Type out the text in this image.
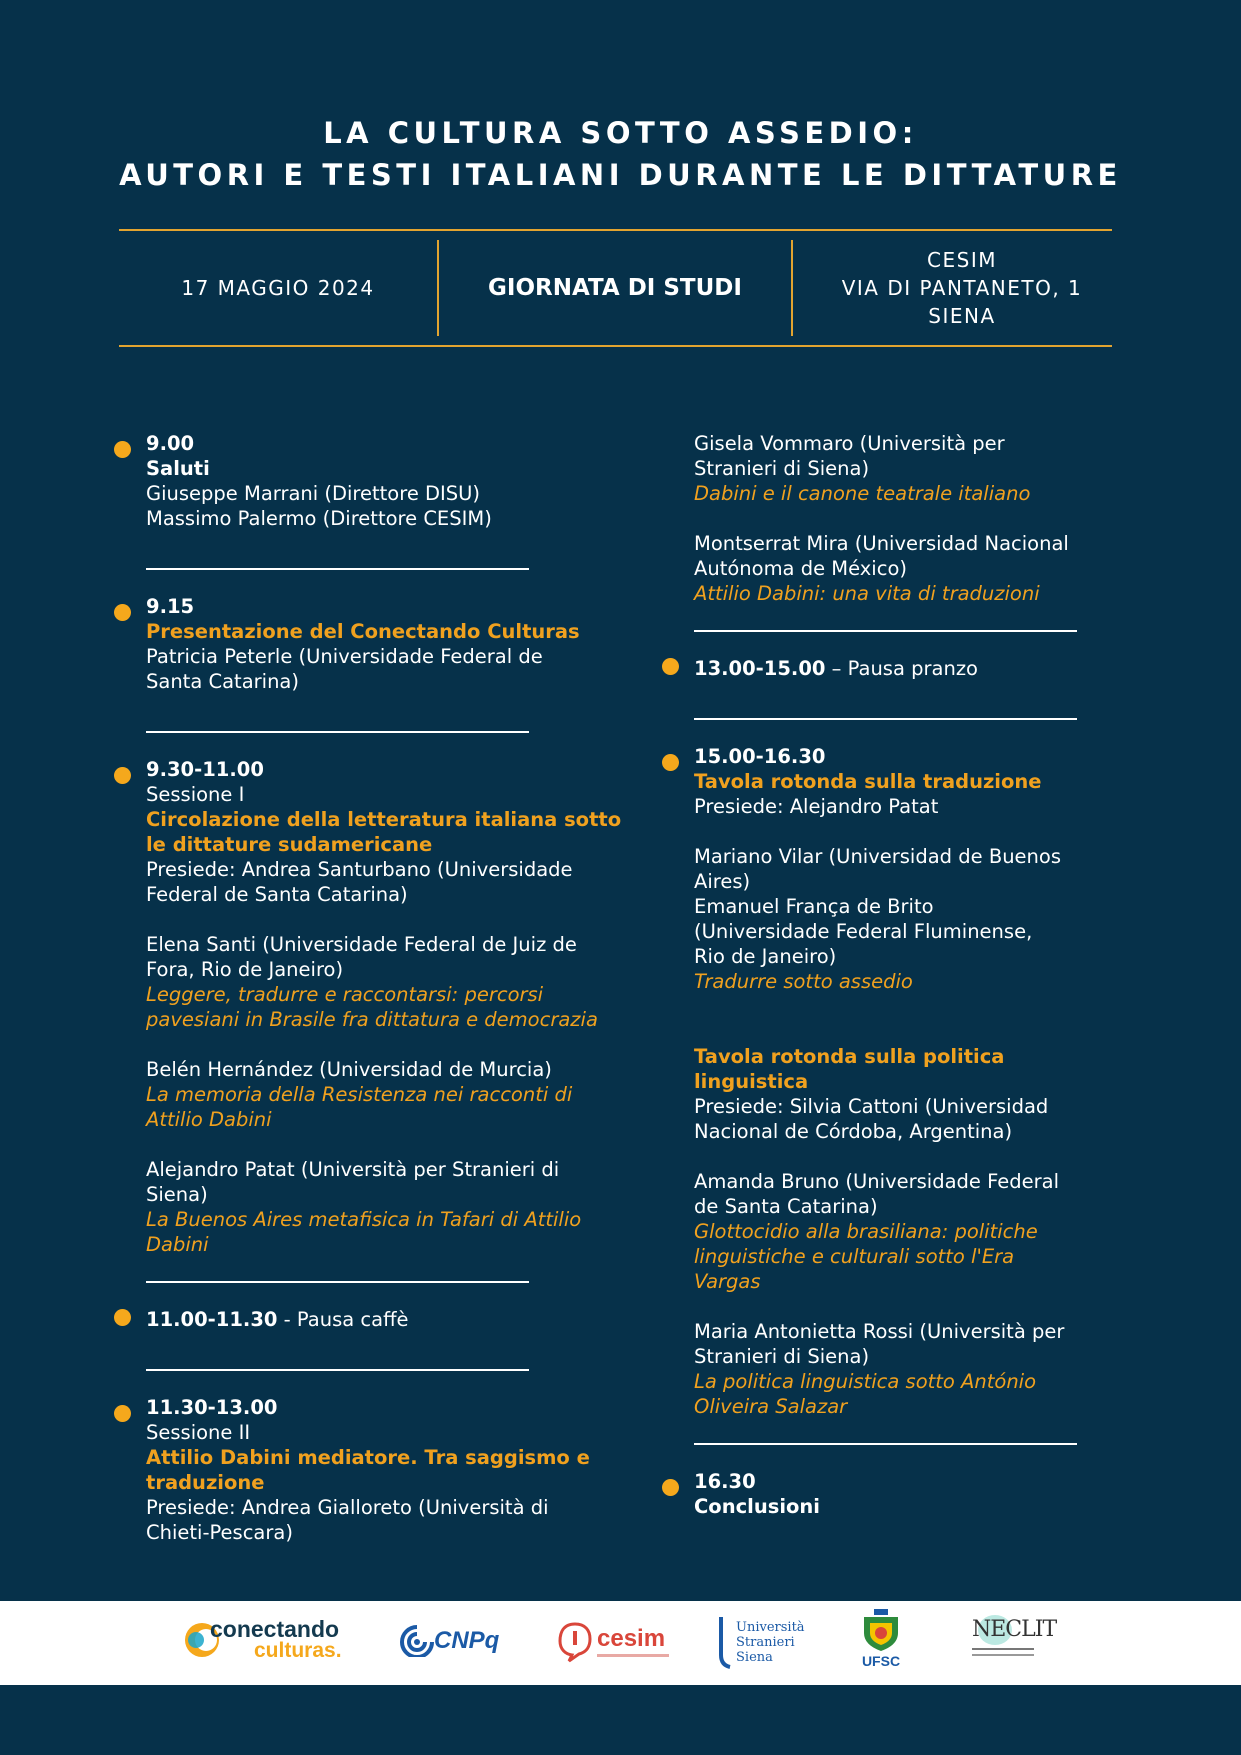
LA CULTURA SOTTO ASSEDIO:
AUTORI E TESTI ITALIANI DURANTE LE DITTATURE
17 MAGGIO 2024	GIORNATA DI STUDI
CESIM
VIA DI PANTANETO, 1
SIENA
9.00
Saluti
Giuseppe Marrani (Direttore DISU)
Massimo Palermo (Direttore CESIM)
9.15
Presentazione del Conectando Culturas
Patricia Peterle (Universidade Federal de
Santa Catarina)
9.30-11.00
Sessione I
Circolazione della letteratura italiana sotto
le dittature sudamericane
Presiede: Andrea Santurbano (Universidade
Federal de Santa Catarina)
Elena Santi (Universidade Federal de Juiz de
Fora, Rio de Janeiro)
Leggere, tradurre e raccontarsi: percorsi
pavesiani in Brasile fra dittatura e democrazia
Belén Hernández (Universidad de Murcia)
La memoria della Resistenza nei racconti di
Attilio Dabini
Alejandro Patat (Università per Stranieri di
Siena)
La Buenos Aires metafisica in Tafari di Attilio
Dabini
11.00-11.30 - Pausa caffè
11.30-13.00
Sessione II
Attilio Dabini mediatore. Tra saggismo e
traduzione
Presiede: Andrea Gialloreto (Università di
Chieti-Pescara)
Gisela Vommaro (Università per
Stranieri di Siena)
Dabini e il canone teatrale italiano
Montserrat Mira (Universidad Nacional
Autónoma de México)
Attilio Dabini: una vita di traduzioni
13.00-15.00 – Pausa pranzo
15.00-16.30
Tavola rotonda sulla traduzione
Presiede: Alejandro Patat
Mariano Vilar (Universidad de Buenos
Aires)
Emanuel França de Brito
(Universidade Federal Fluminense,
Rio de Janeiro)
Tradurre sotto assedio
Tavola rotonda sulla politica
linguistica
Presiede: Silvia Cattoni (Universidad
Nacional de Córdoba, Argentina)
Amanda Bruno (Universidade Federal
de Santa Catarina)
Glottocidio alla brasiliana: politiche
linguistiche e culturali sotto l'Era
Vargas
Maria Antonietta Rossi (Università per
Stranieri di Siena)
La politica linguistica sotto António
Oliveira Salazar
16.30
Conclusioni
conectando
culturas.	CNPq	cesim	Università
Stranieri
Siena	UFSC
NECLIT
